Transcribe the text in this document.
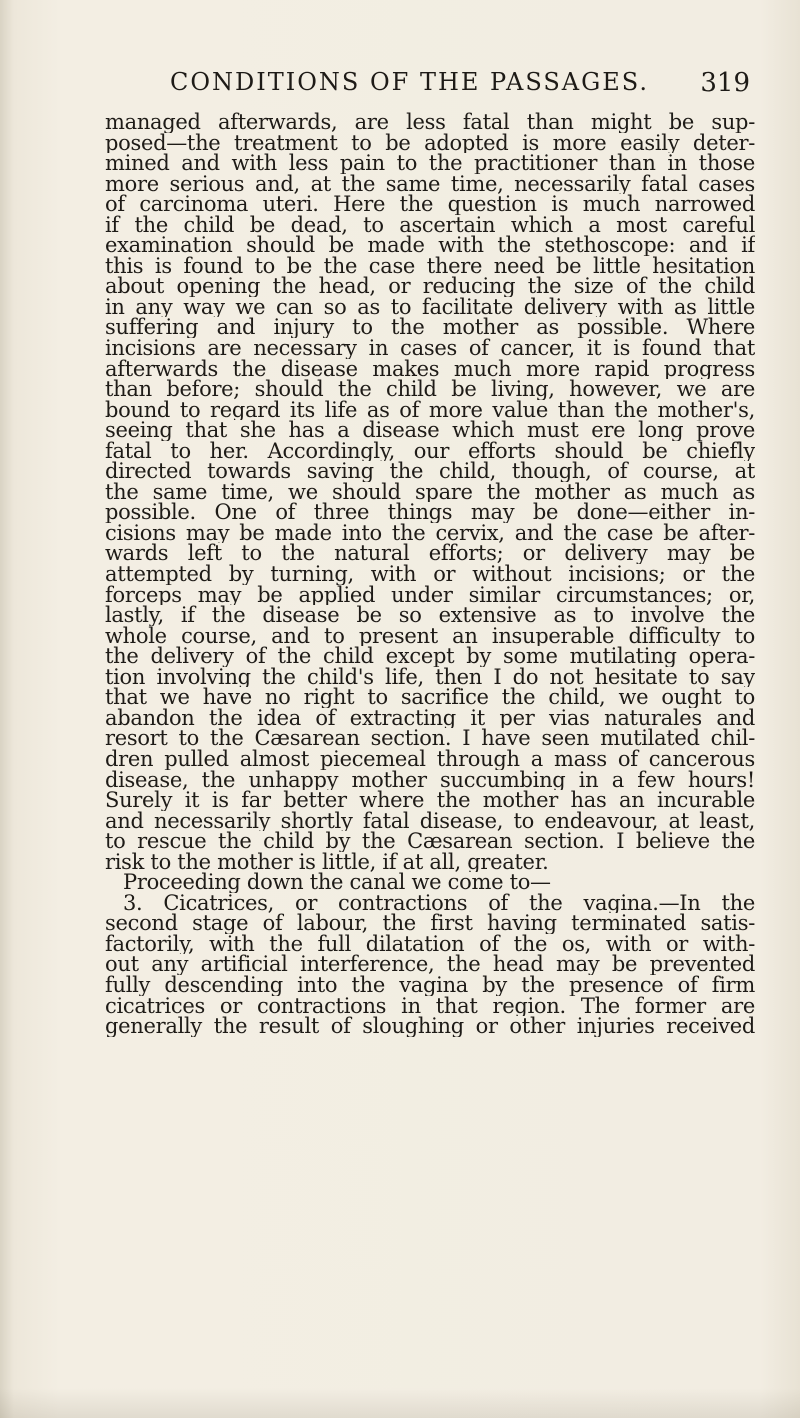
CONDITIONS OF THE PASSAGES. 319
managed afterwards, are less fatal than might be sup-
posed—the treatment to be adopted is more easily deter-
mined and with less pain to the practitioner than in those
more serious and, at the same time, necessarily fatal cases
of carcinoma uteri. Here the question is much narrowed
if the child be dead, to ascertain which a most careful
examination should be made with the stethoscope: and if
this is found to be the case there need be little hesitation
about opening the head, or reducing the size of the child
in any way we can so as to facilitate delivery with as little
suffering and injury to the mother as possible. Where
incisions are necessary in cases of cancer, it is found that
afterwards the disease makes much more rapid progress
than before; should the child be living, however, we are
bound to regard its life as of more value than the mother's,
seeing that she has a disease which must ere long prove
fatal to her. Accordingly, our efforts should be chiefly
directed towards saving the child, though, of course, at
the same time, we should spare the mother as much as
possible. One of three things may be done—either in-
cisions may be made into the cervix, and the case be after-
wards left to the natural efforts; or delivery may be
attempted by turning, with or without incisions; or the
forceps may be applied under similar circumstances; or,
lastly, if the disease be so extensive as to involve the
whole course, and to present an insuperable difficulty to
the delivery of the child except by some mutilating opera-
tion involving the child's life, then I do not hesitate to say
that we have no right to sacrifice the child, we ought to
abandon the idea of extracting it per vias naturales and
resort to the Cæsarean section. I have seen mutilated chil-
dren pulled almost piecemeal through a mass of cancerous
disease, the unhappy mother succumbing in a few hours!
Surely it is far better where the mother has an incurable
and necessarily shortly fatal disease, to endeavour, at least,
to rescue the child by the Cæsarean section. I believe the
risk to the mother is little, if at all, greater.
Proceeding down the canal we come to—
3. Cicatrices, or contractions of the vagina.—In the
second stage of labour, the first having terminated satis-
factorily, with the full dilatation of the os, with or with-
out any artificial interference, the head may be prevented
fully descending into the vagina by the presence of firm
cicatrices or contractions in that region. The former are
generally the result of sloughing or other injuries received
